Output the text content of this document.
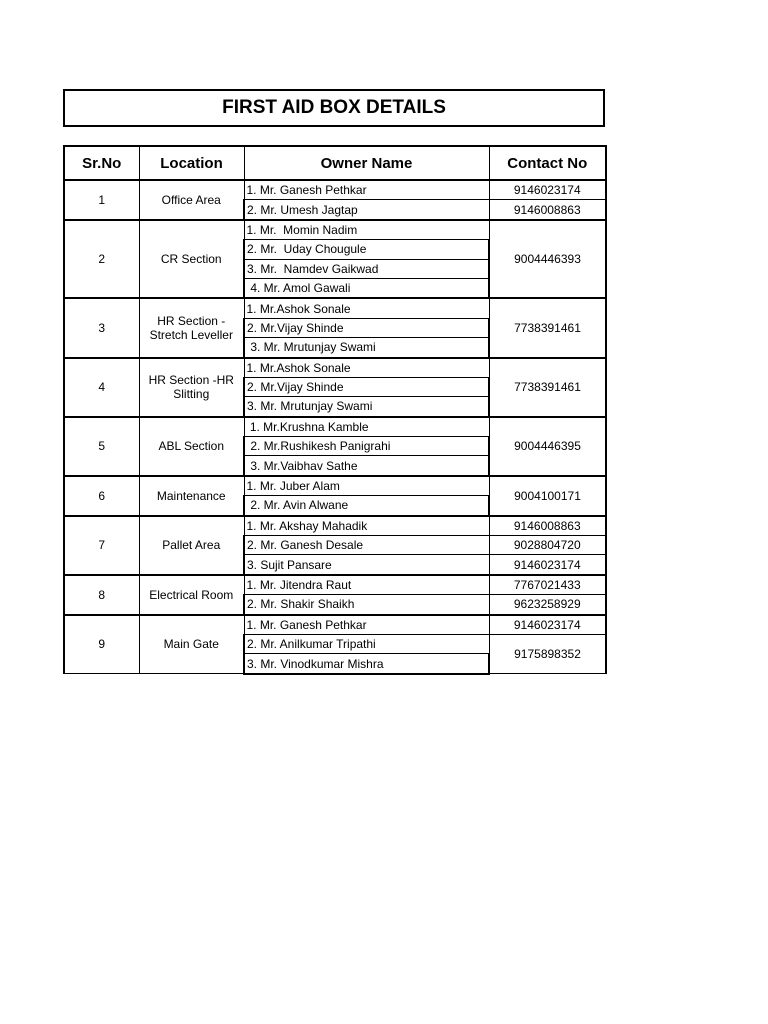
FIRST AID BOX DETAILS
Sr.No	Location	Owner Name	Contact No
1	Office Area	1. Mr. Ganesh Pethkar	9146023174
		2. Mr. Umesh Jagtap	9146008863
2	CR Section	1. Mr.  Momin Nadim	9004446393
		2. Mr.  Uday Chougule	
		3. Mr.  Namdev Gaikwad	
		4. Mr. Amol Gawali	
3	HR Section - Stretch Leveller	1. Mr.Ashok Sonale	7738391461
		2. Mr.Vijay Shinde	
		3. Mr. Mrutunjay Swami	
4	HR Section -HR Slitting	1. Mr.Ashok Sonale	7738391461
		2. Mr.Vijay Shinde	
		3. Mr. Mrutunjay Swami	
5	ABL Section	1. Mr.Krushna Kamble	9004446395
		2. Mr.Rushikesh Panigrahi	
		3. Mr.Vaibhav Sathe	
6	Maintenance	1. Mr. Juber Alam	9004100171
		2. Mr. Avin Alwane	
7	Pallet Area	1. Mr. Akshay Mahadik	9146008863
		2. Mr. Ganesh Desale	9028804720
		3. Sujit Pansare	9146023174
8	Electrical Room	1. Mr. Jitendra Raut	7767021433
		2. Mr. Shakir Shaikh	9623258929
9	Main Gate	1. Mr. Ganesh Pethkar	9146023174
		2. Mr. Anilkumar Tripathi	9175898352
		3. Mr. Vinodkumar Mishra	
